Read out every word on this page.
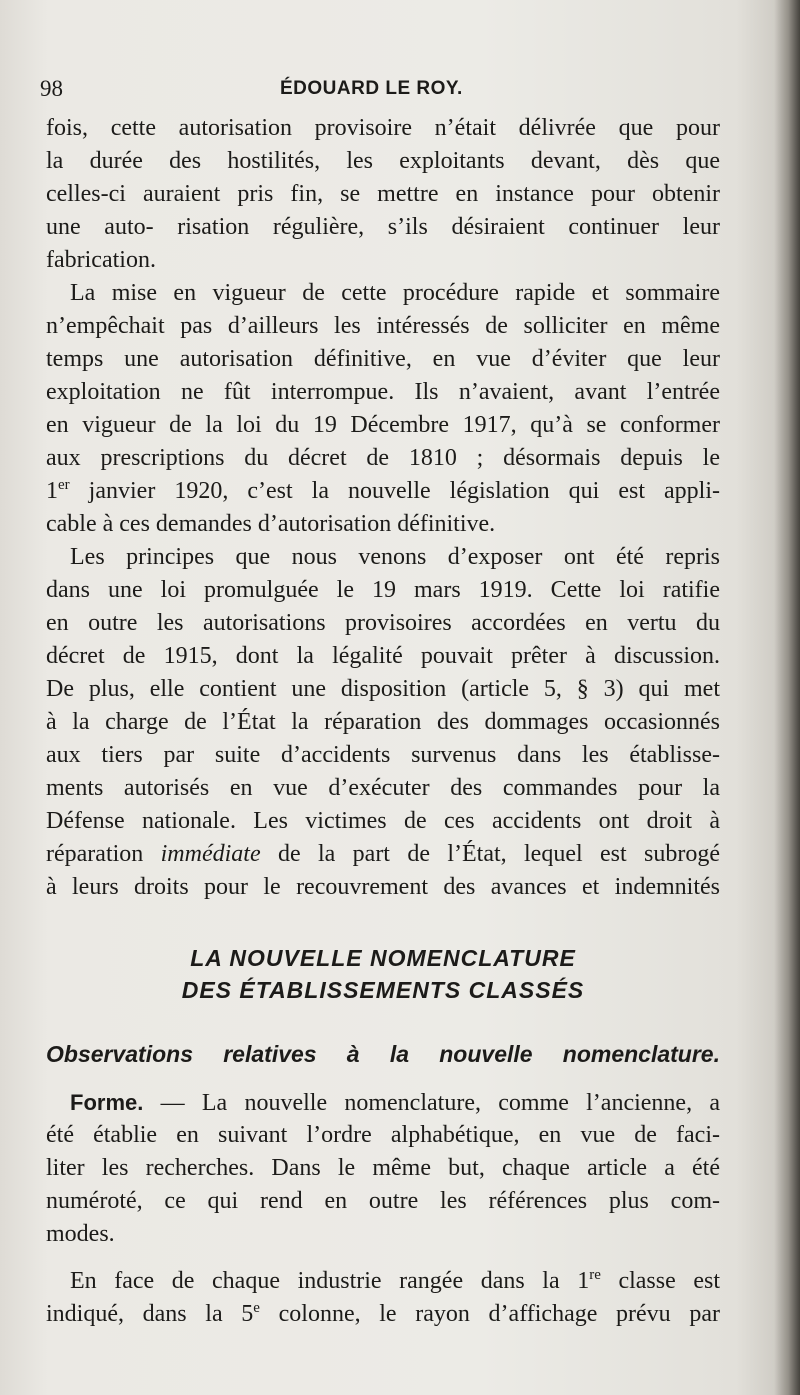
98	ÉDOUARD LE ROY.
fois, cette autorisation provisoire n’était délivrée que pour
la durée des hostilités, les exploitants devant, dès que
celles-ci auraient pris fin, se mettre en instance pour obtenir
une auto- risation régulière, s’ils désiraient continuer leur
fabrication.
La mise en vigueur de cette procédure rapide et sommaire
n’empêchait pas d’ailleurs les intéressés de solliciter en même
temps une autorisation définitive, en vue d’éviter que leur
exploitation ne fût interrompue. Ils n’avaient, avant l’entrée
en vigueur de la loi du 19 Décembre 1917, qu’à se conformer
aux prescriptions du décret de 1810 ; désormais depuis le
1er janvier 1920, c’est la nouvelle législation qui est appli-
cable à ces demandes d’autorisation définitive.
Les principes que nous venons d’exposer ont été repris
dans une loi promulguée le 19 mars 1919. Cette loi ratifie
en outre les autorisations provisoires accordées en vertu du
décret de 1915, dont la légalité pouvait prêter à discussion.
De plus, elle contient une disposition (article 5, § 3) qui met
à la charge de l’État la réparation des dommages occasionnés
aux tiers par suite d’accidents survenus dans les établisse-
ments autorisés en vue d’exécuter des commandes pour la
Défense nationale. Les victimes de ces accidents ont droit à
réparation immédiate de la part de l’État, lequel est subrogé
à leurs droits pour le recouvrement des avances et indemnités
LA NOUVELLE NOMENCLATURE
DES ÉTABLISSEMENTS CLASSÉS
Observations relatives à la nouvelle nomenclature.
Forme. — La nouvelle nomenclature, comme l’ancienne, a
été établie en suivant l’ordre alphabétique, en vue de faci-
liter les recherches. Dans le même but, chaque article a été
numéroté, ce qui rend en outre les références plus com-
modes.
En face de chaque industrie rangée dans la 1re classe est
indiqué, dans la 5e colonne, le rayon d’affichage prévu par
